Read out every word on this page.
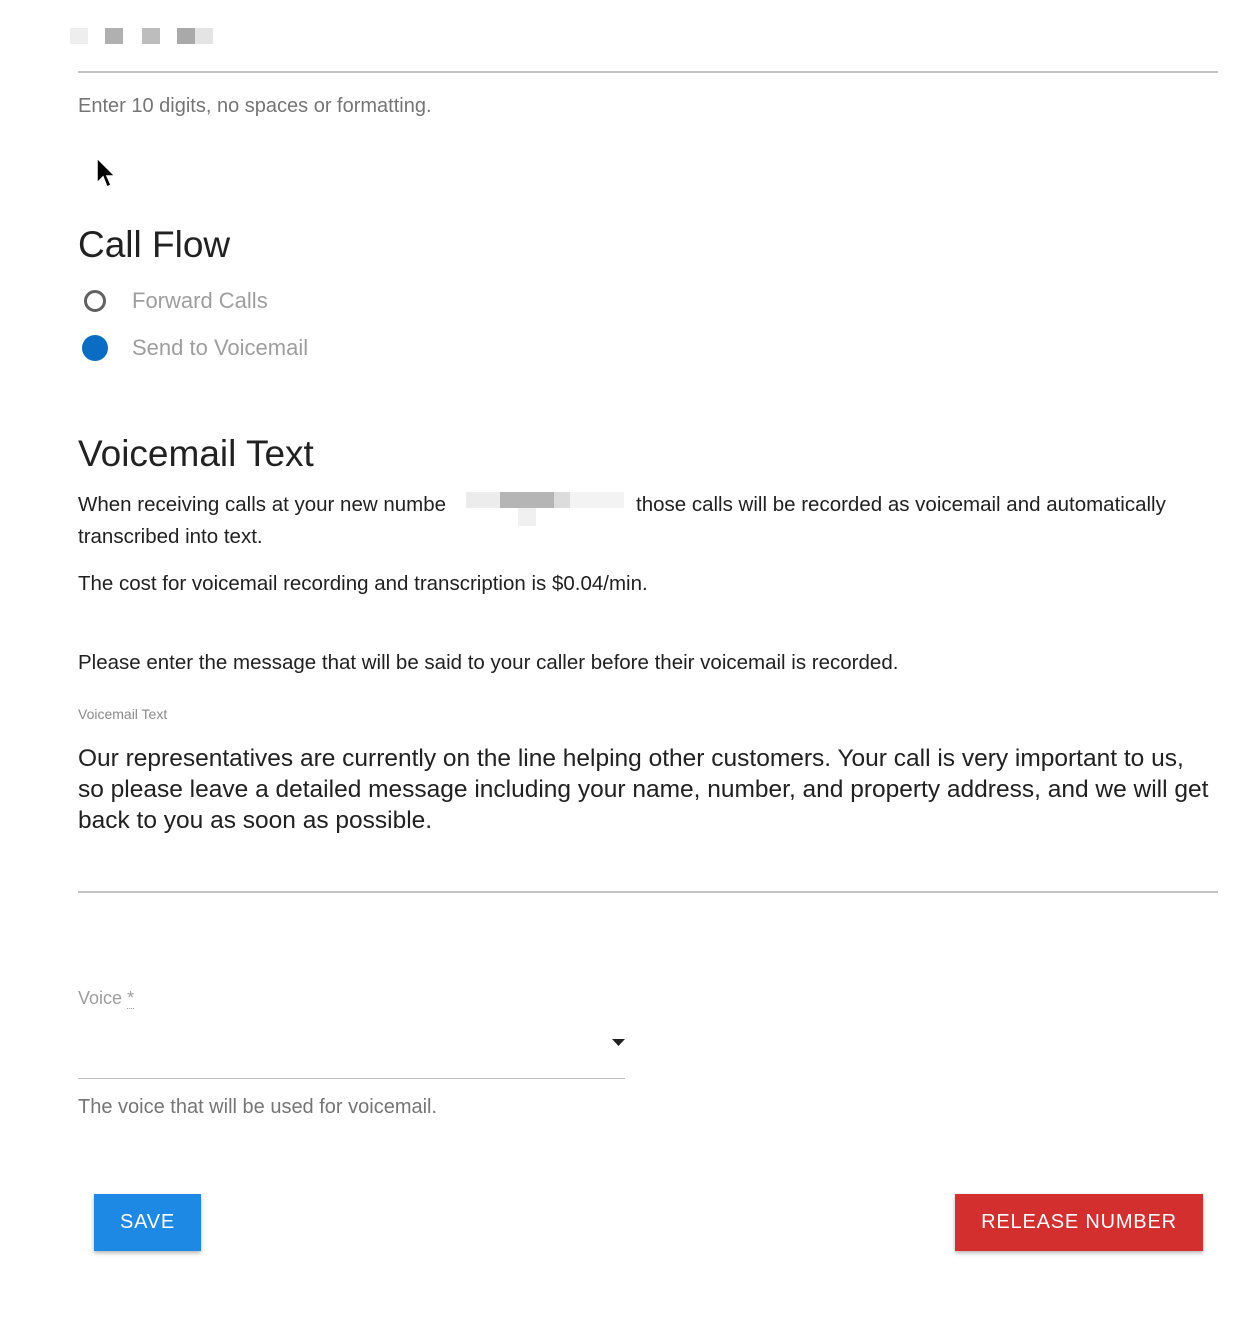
Enter 10 digits, no spaces or formatting.
Call Flow
Forward Calls
Send to Voicemail
Voicemail Text
When receiving calls at your new numbe	those calls will be recorded as voicemail and automatically
transcribed into text.
The cost for voicemail recording and transcription is $0.04/min.
Please enter the message that will be said to your caller before their voicemail is recorded.
Voicemail Text

Our representatives are currently on the line helping other customers. Your call is very important to us,
so please leave a detailed message including your name, number, and property address, and we will get
back to you as soon as possible.

Voice *
The voice that will be used for voicemail.
SAVE	RELEASE NUMBER
